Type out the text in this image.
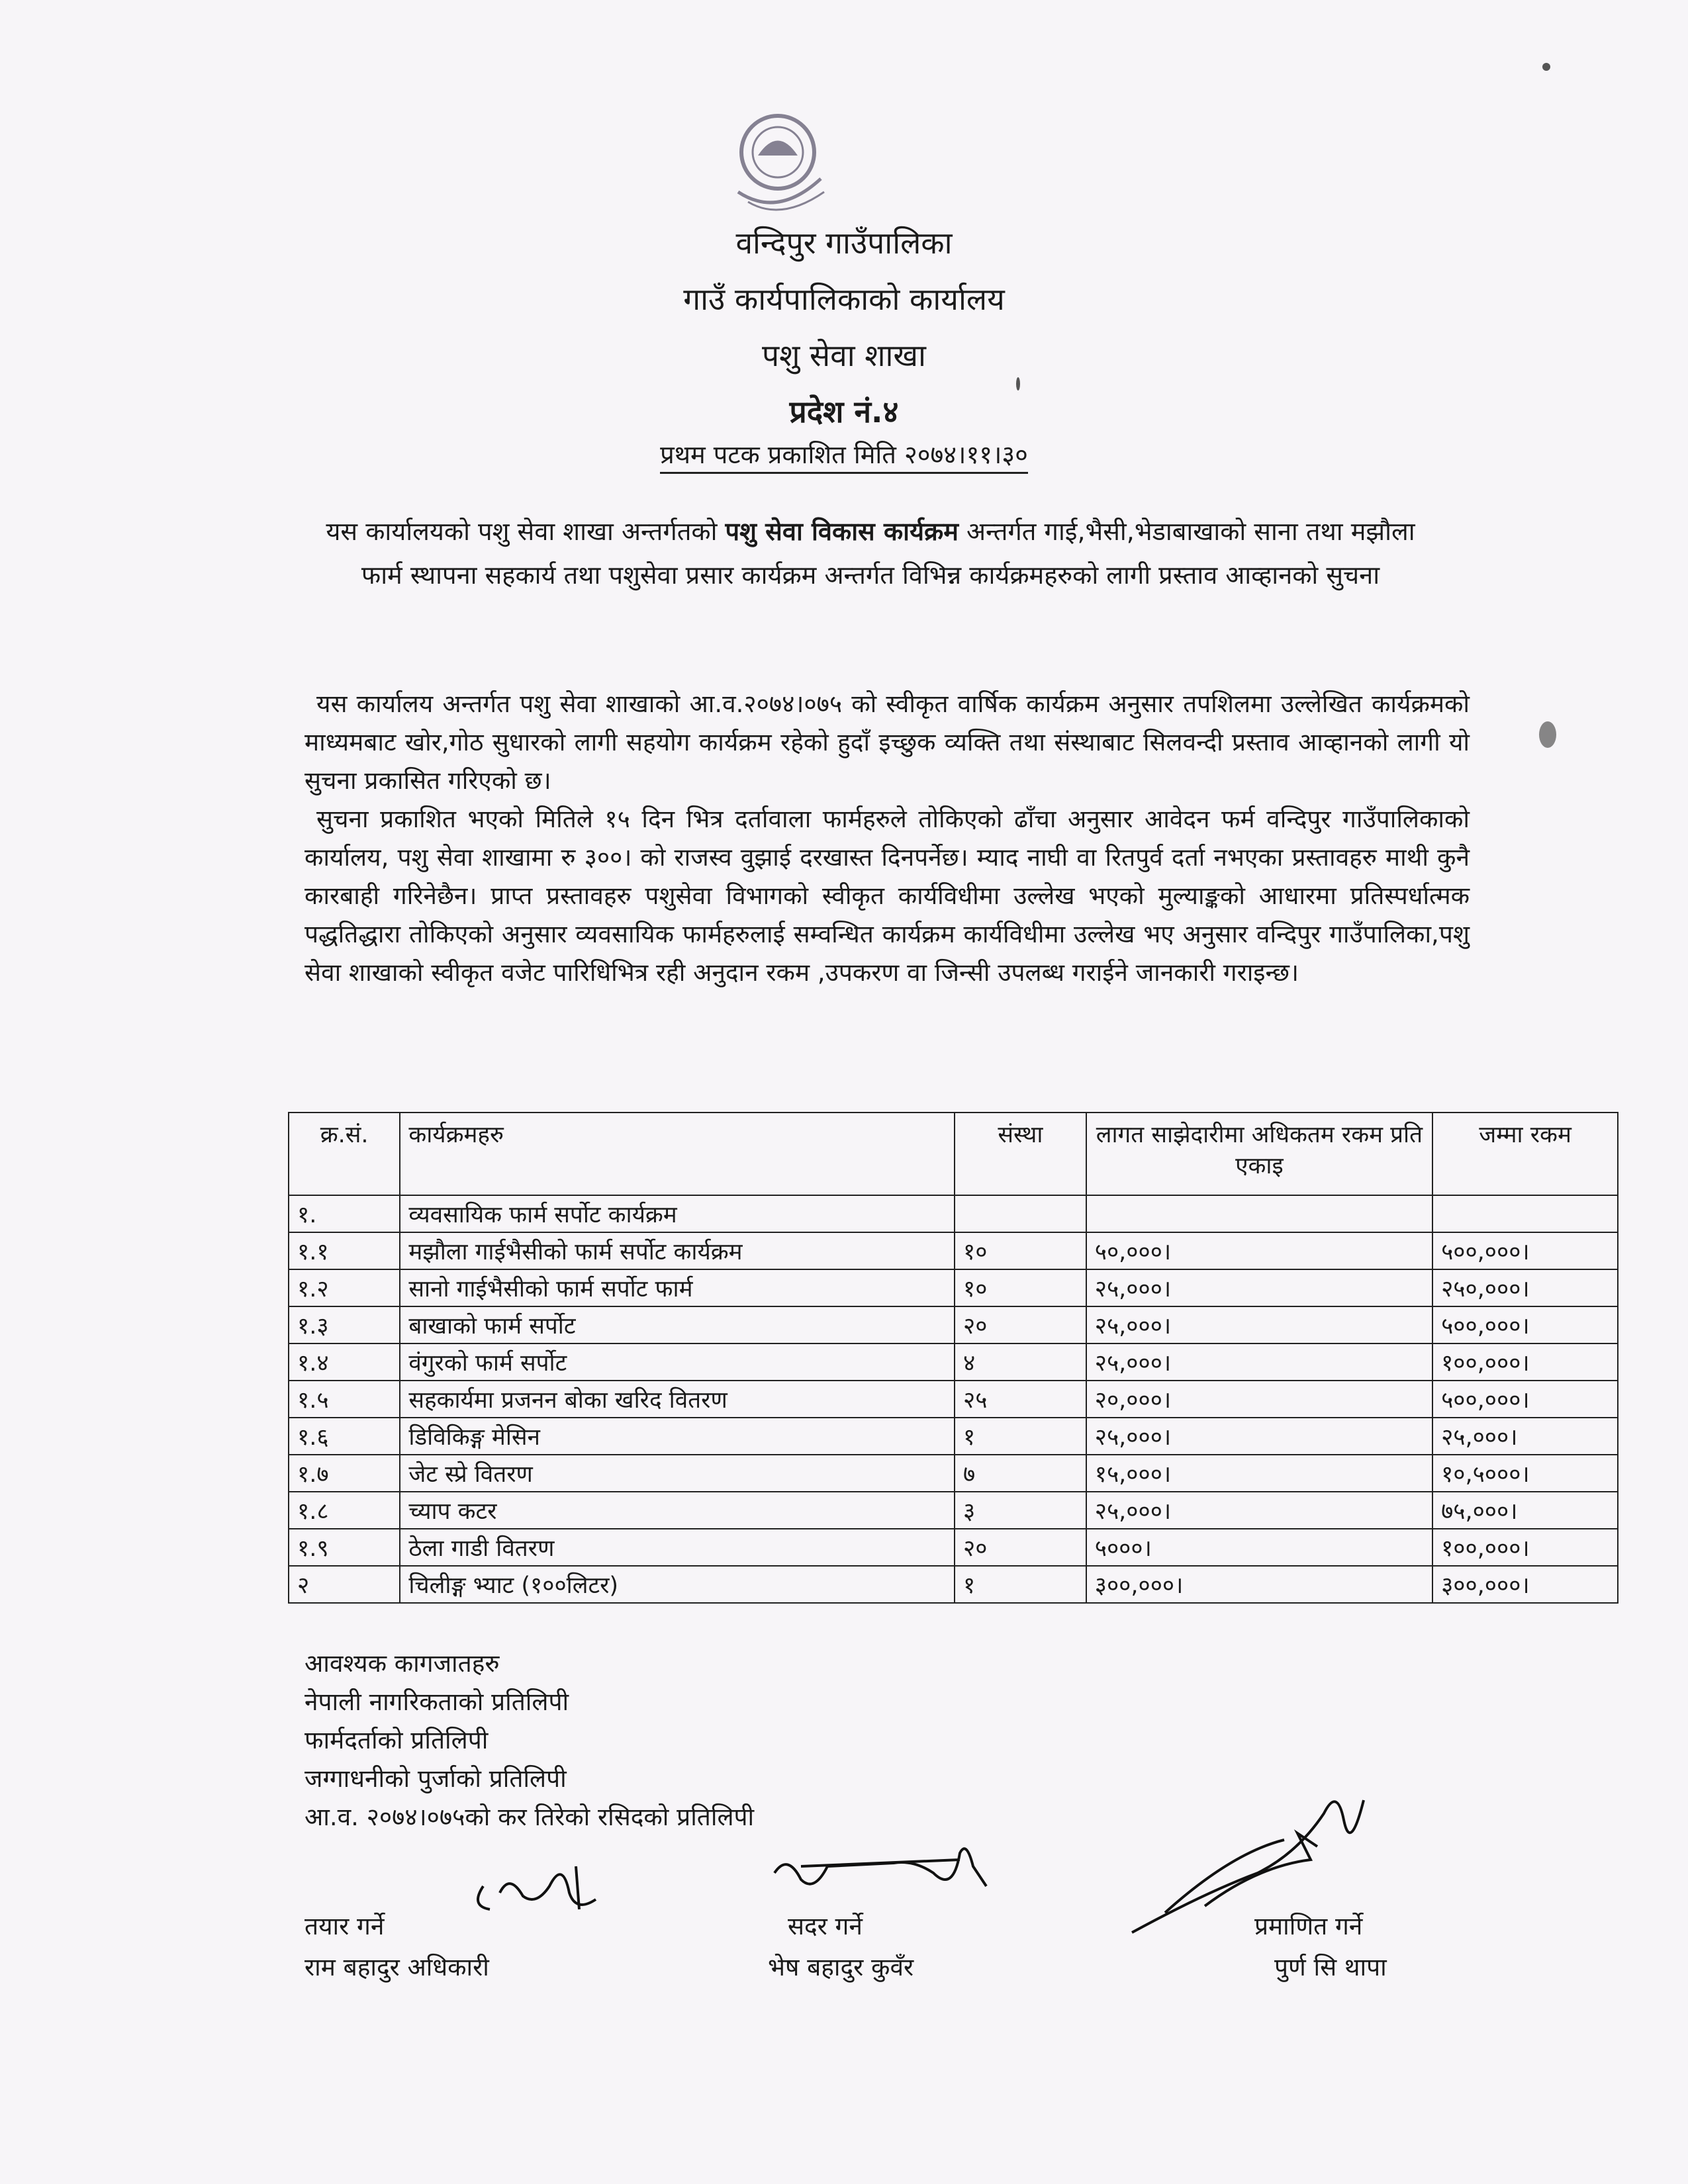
वन्दिपुर गाउँपालिका
गाउँ कार्यपालिकाको कार्यालय
पशु सेवा शाखा
प्रदेश नं.४
प्रथम पटक प्रकाशित मिति २०७४।११।३०
यस कार्यालयको पशु सेवा शाखा अन्तर्गतको पशु सेवा विकास कार्यक्रम अन्तर्गत गाई,भैसी,भेडाबाखाको साना तथा मझौला फार्म स्थापना सहकार्य तथा पशुसेवा प्रसार कार्यक्रम अन्तर्गत विभिन्न कार्यक्रमहरुको लागी प्रस्ताव आव्हानको सुचना

यस कार्यालय अन्तर्गत पशु सेवा शाखाको आ.व.२०७४।०७५ को स्वीकृत वार्षिक कार्यक्रम अनुसार तपशिलमा उल्लेखित कार्यक्रमको माध्यमबाट खोर,गोठ सुधारको लागी सहयोग कार्यक्रम रहेको हुदाँ इच्छुक व्यक्ति तथा संस्थाबाट सिलवन्दी प्रस्ताव आव्हानको लागी यो सुचना प्रकासित गरिएको छ।

सुचना प्रकाशित भएको मितिले १५ दिन भित्र दर्तावाला फार्महरुले तोकिएको ढाँचा अनुसार आवेदन फर्म वन्दिपुर गाउँपालिकाको कार्यालय, पशु सेवा शाखामा रु ३००। को राजस्व वुझाई दरखास्त दिनपर्नेछ। म्याद नाघी वा रितपुर्व दर्ता नभएका प्रस्तावहरु माथी कुनै कारबाही गरिनेछैन। प्राप्त प्रस्तावहरु पशुसेवा विभागको स्वीकृत कार्यविधीमा उल्लेख भएको मुल्याङ्कको आधारमा प्रतिस्पर्धात्मक पद्धतिद्धारा तोकिएको अनुसार व्यवसायिक फार्महरुलाई सम्वन्धित कार्यक्रम कार्यविधीमा उल्लेख भए अनुसार वन्दिपुर गाउँपालिका,पशु सेवा शाखाको स्वीकृत वजेट पारिधिभित्र रही अनुदान रकम ,उपकरण वा जिन्सी उपलब्ध गराईने जानकारी गराइन्छ।

क्र.सं.	कार्यक्रमहरु	संस्था	लागत साझेदारीमा अधिकतम रकम प्रति एकाइ	जम्मा रकम
१.	व्यवसायिक फार्म सर्पोट कार्यक्रम			
१.१	मझौला गाईभैसीको फार्म सर्पोट कार्यक्रम	१०	५०,०००।	५००,०००।
१.२	सानो गाईभैसीको फार्म सर्पोट फार्म	१०	२५,०००।	२५०,०००।
१.३	बाखाको फार्म सर्पोट	२०	२५,०००।	५००,०००।
१.४	वंगुरको फार्म सर्पोट	४	२५,०००।	१००,०००।
१.५	सहकार्यमा प्रजनन बोका खरिद वितरण	२५	२०,०००।	५००,०००।
१.६	डिविकिङ्ग मेसिन	१	२५,०००।	२५,०००।
१.७	जेट स्प्रे वितरण	७	१५,०००।	१०,५०००।
१.८	च्याप कटर	३	२५,०००।	७५,०००।
१.९	ठेला गाडी वितरण	२०	५०००।	१००,०००।
२	चिलीङ्ग भ्याट (१००लिटर)	१	३००,०००।	३००,०००।
आवश्यक कागजातहरु
नेपाली नागरिकताको प्रतिलिपी
फार्मदर्ताको प्रतिलिपी
जग्गाधनीको पुर्जाको प्रतिलिपी
आ.व. २०७४।०७५को कर तिरेको रसिदको प्रतिलिपी
तयार गर्ने
राम बहादुर अधिकारी
सदर गर्ने
भेष बहादुर कुवँर
प्रमाणित गर्ने
पुर्ण सि थापा
